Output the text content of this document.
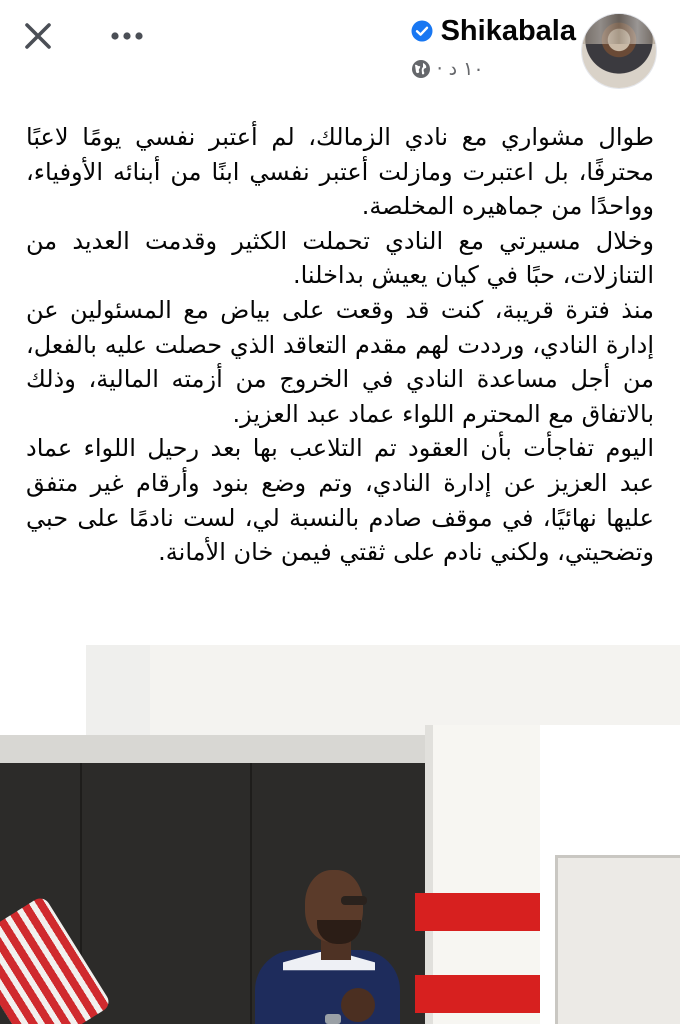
Shikabala
١٠ د
·

طوال مشواري مع نادي الزمالك، لم أعتبر نفسي يومًا لاعبًا محترفًا، بل اعتبرت ومازلت أعتبر نفسي ابنًا من أبنائه الأوفياء، وواحدًا من جماهيره المخلصة.

وخلال مسيرتي مع النادي تحملت الكثير وقدمت العديد من التنازلات، حبًا في كيان يعيش بداخلنا.

منذ فترة قريبة، كنت قد وقعت على بياض مع المسئولين عن إدارة النادي، ورددت لهم مقدم التعاقد الذي حصلت عليه بالفعل، من أجل مساعدة النادي في الخروج من أزمته المالية، وذلك بالاتفاق مع المحترم اللواء عماد عبد العزيز.

اليوم تفاجأت بأن العقود تم التلاعب بها بعد رحيل اللواء عماد عبد العزيز عن إدارة النادي، وتم وضع بنود وأرقام غير متفق عليها نهائيًا، في موقف صادم بالنسبة لي، لست نادمًا على حبي وتضحيتي، ولكني نادم على ثقتي فيمن خان الأمانة.
